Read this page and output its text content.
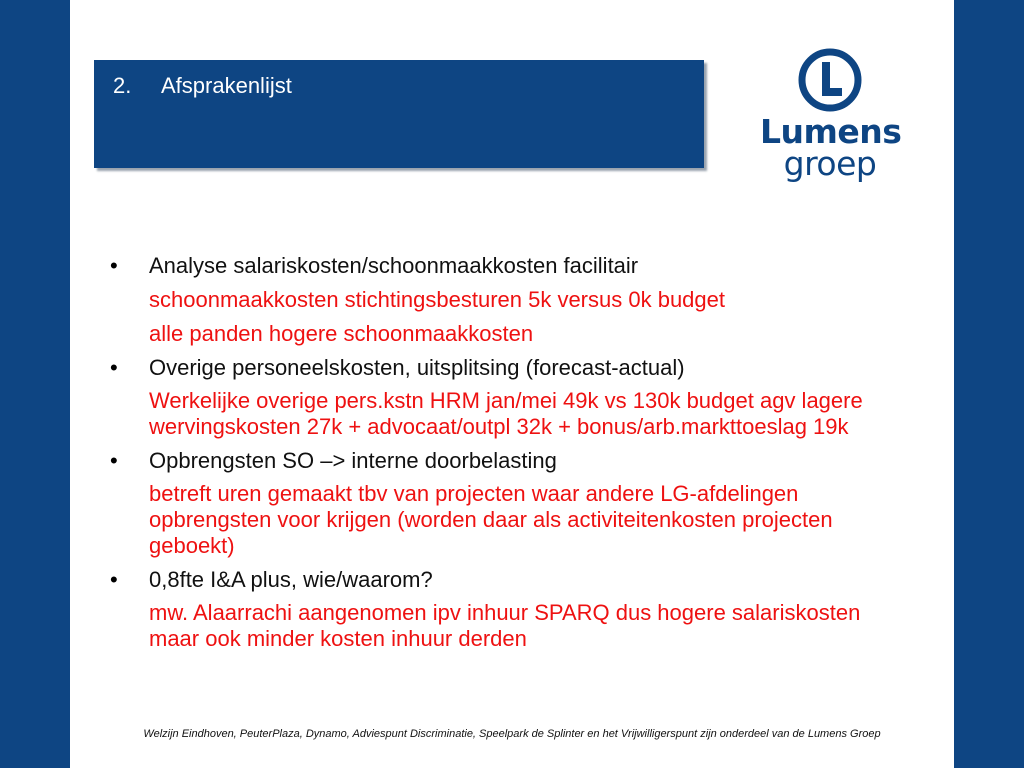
2. Afsprakenlijst
Lumens
groep
• Analyse salariskosten/schoonmaakkosten facilitair
schoonmaakkosten stichtingsbesturen 5k versus 0k budget
alle panden hogere schoonmaakkosten
• Overige personeelskosten, uitsplitsing (forecast-actual)
Werkelijke overige pers.kstn HRM jan/mei 49k vs 130k budget agv lagere wervingskosten 27k + advocaat/outpl 32k + bonus/arb.markttoeslag 19k
• Opbrengsten SO –> interne doorbelasting
betreft uren gemaakt tbv van projecten waar andere LG-afdelingen opbrengsten voor krijgen (worden daar als activiteitenkosten projecten geboekt)
• 0,8fte I&A plus, wie/waarom?
mw. Alaarrachi aangenomen ipv inhuur SPARQ dus hogere salariskosten maar ook minder kosten inhuur derden
Welzijn Eindhoven, PeuterPlaza, Dynamo, Adviespunt Discriminatie, Speelpark de Splinter en het Vrijwilligerspunt zijn onderdeel van de Lumens Groep
